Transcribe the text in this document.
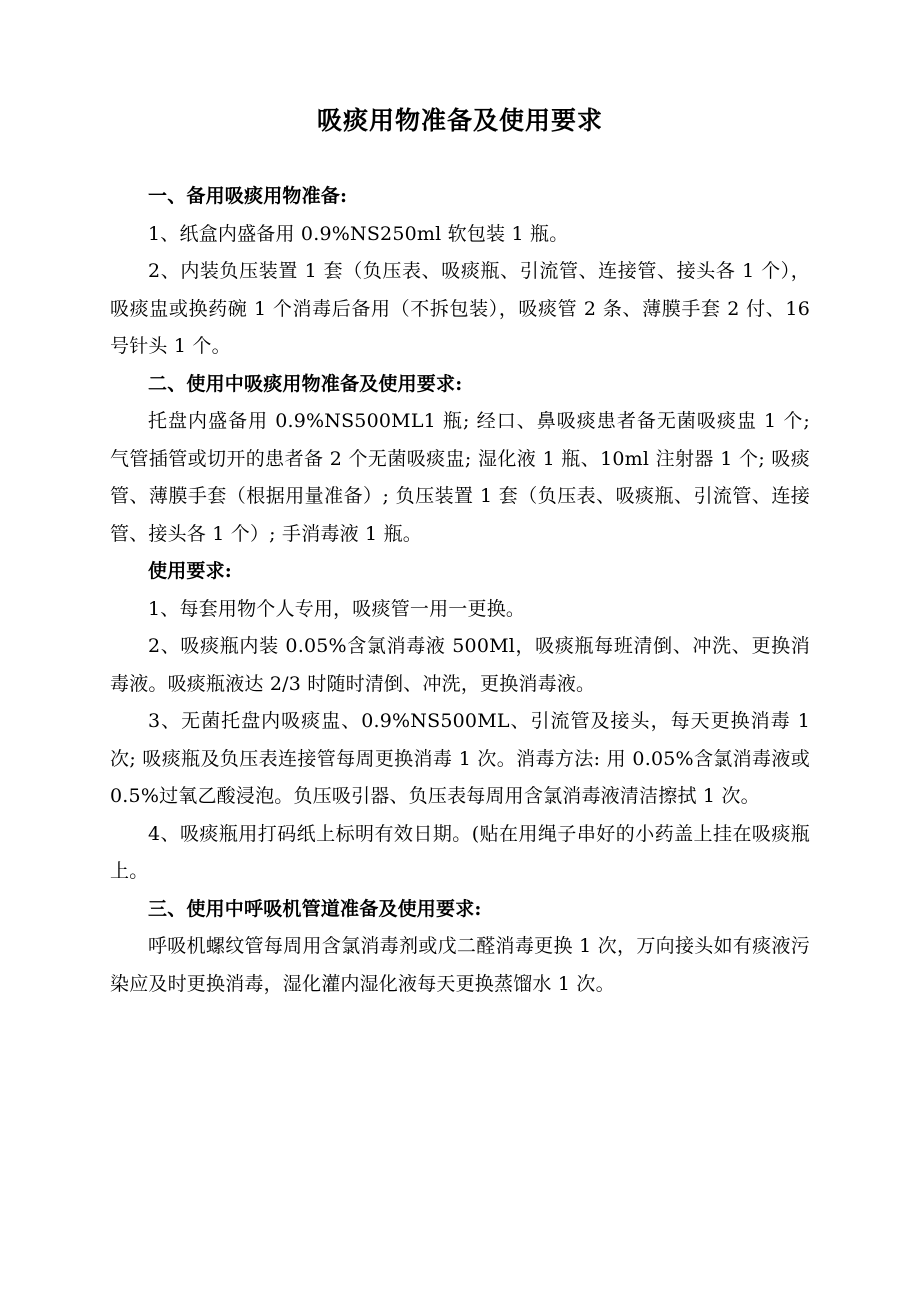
吸痰用物准备及使用要求

一、备用吸痰用物准备:

1、纸盒内盛备用 0.9%NS250ml 软包装 1 瓶。

2、内装负压装置 1 套（负压表、吸痰瓶、引流管、连接管、接头各 1 个），吸痰盅或换药碗 1 个消毒后备用（不拆包装），吸痰管 2 条、薄膜手套 2 付、16 号针头 1 个。

二、使用中吸痰用物准备及使用要求:

托盘内盛备用 0.9%NS500ML1 瓶; 经口、鼻吸痰患者备无菌吸痰盅 1 个; 气管插管或切开的患者备 2 个无菌吸痰盅; 湿化液 1 瓶、10ml 注射器 1 个; 吸痰管、薄膜手套（根据用量准备）; 负压装置 1 套（负压表、吸痰瓶、引流管、连接管、接头各 1 个）; 手消毒液 1 瓶。

使用要求:

1、每套用物个人专用，吸痰管一用一更换。

2、吸痰瓶内装 0.05%含氯消毒液 500Ml，吸痰瓶每班清倒、冲洗、更换消毒液。吸痰瓶液达 2/3 时随时清倒、冲洗，更换消毒液。

3、无菌托盘内吸痰盅、0.9%NS500ML、引流管及接头，每天更换消毒 1 次; 吸痰瓶及负压表连接管每周更换消毒 1 次。消毒方法: 用 0.05%含氯消毒液或 0.5%过氧乙酸浸泡。负压吸引器、负压表每周用含氯消毒液清洁擦拭 1 次。

4、吸痰瓶用打码纸上标明有效日期。(贴在用绳子串好的小药盖上挂在吸痰瓶上。

三、使用中呼吸机管道准备及使用要求:

呼吸机螺纹管每周用含氯消毒剂或戊二醛消毒更换 1 次，万向接头如有痰液污染应及时更换消毒，湿化灌内湿化液每天更换蒸馏水 1 次。
